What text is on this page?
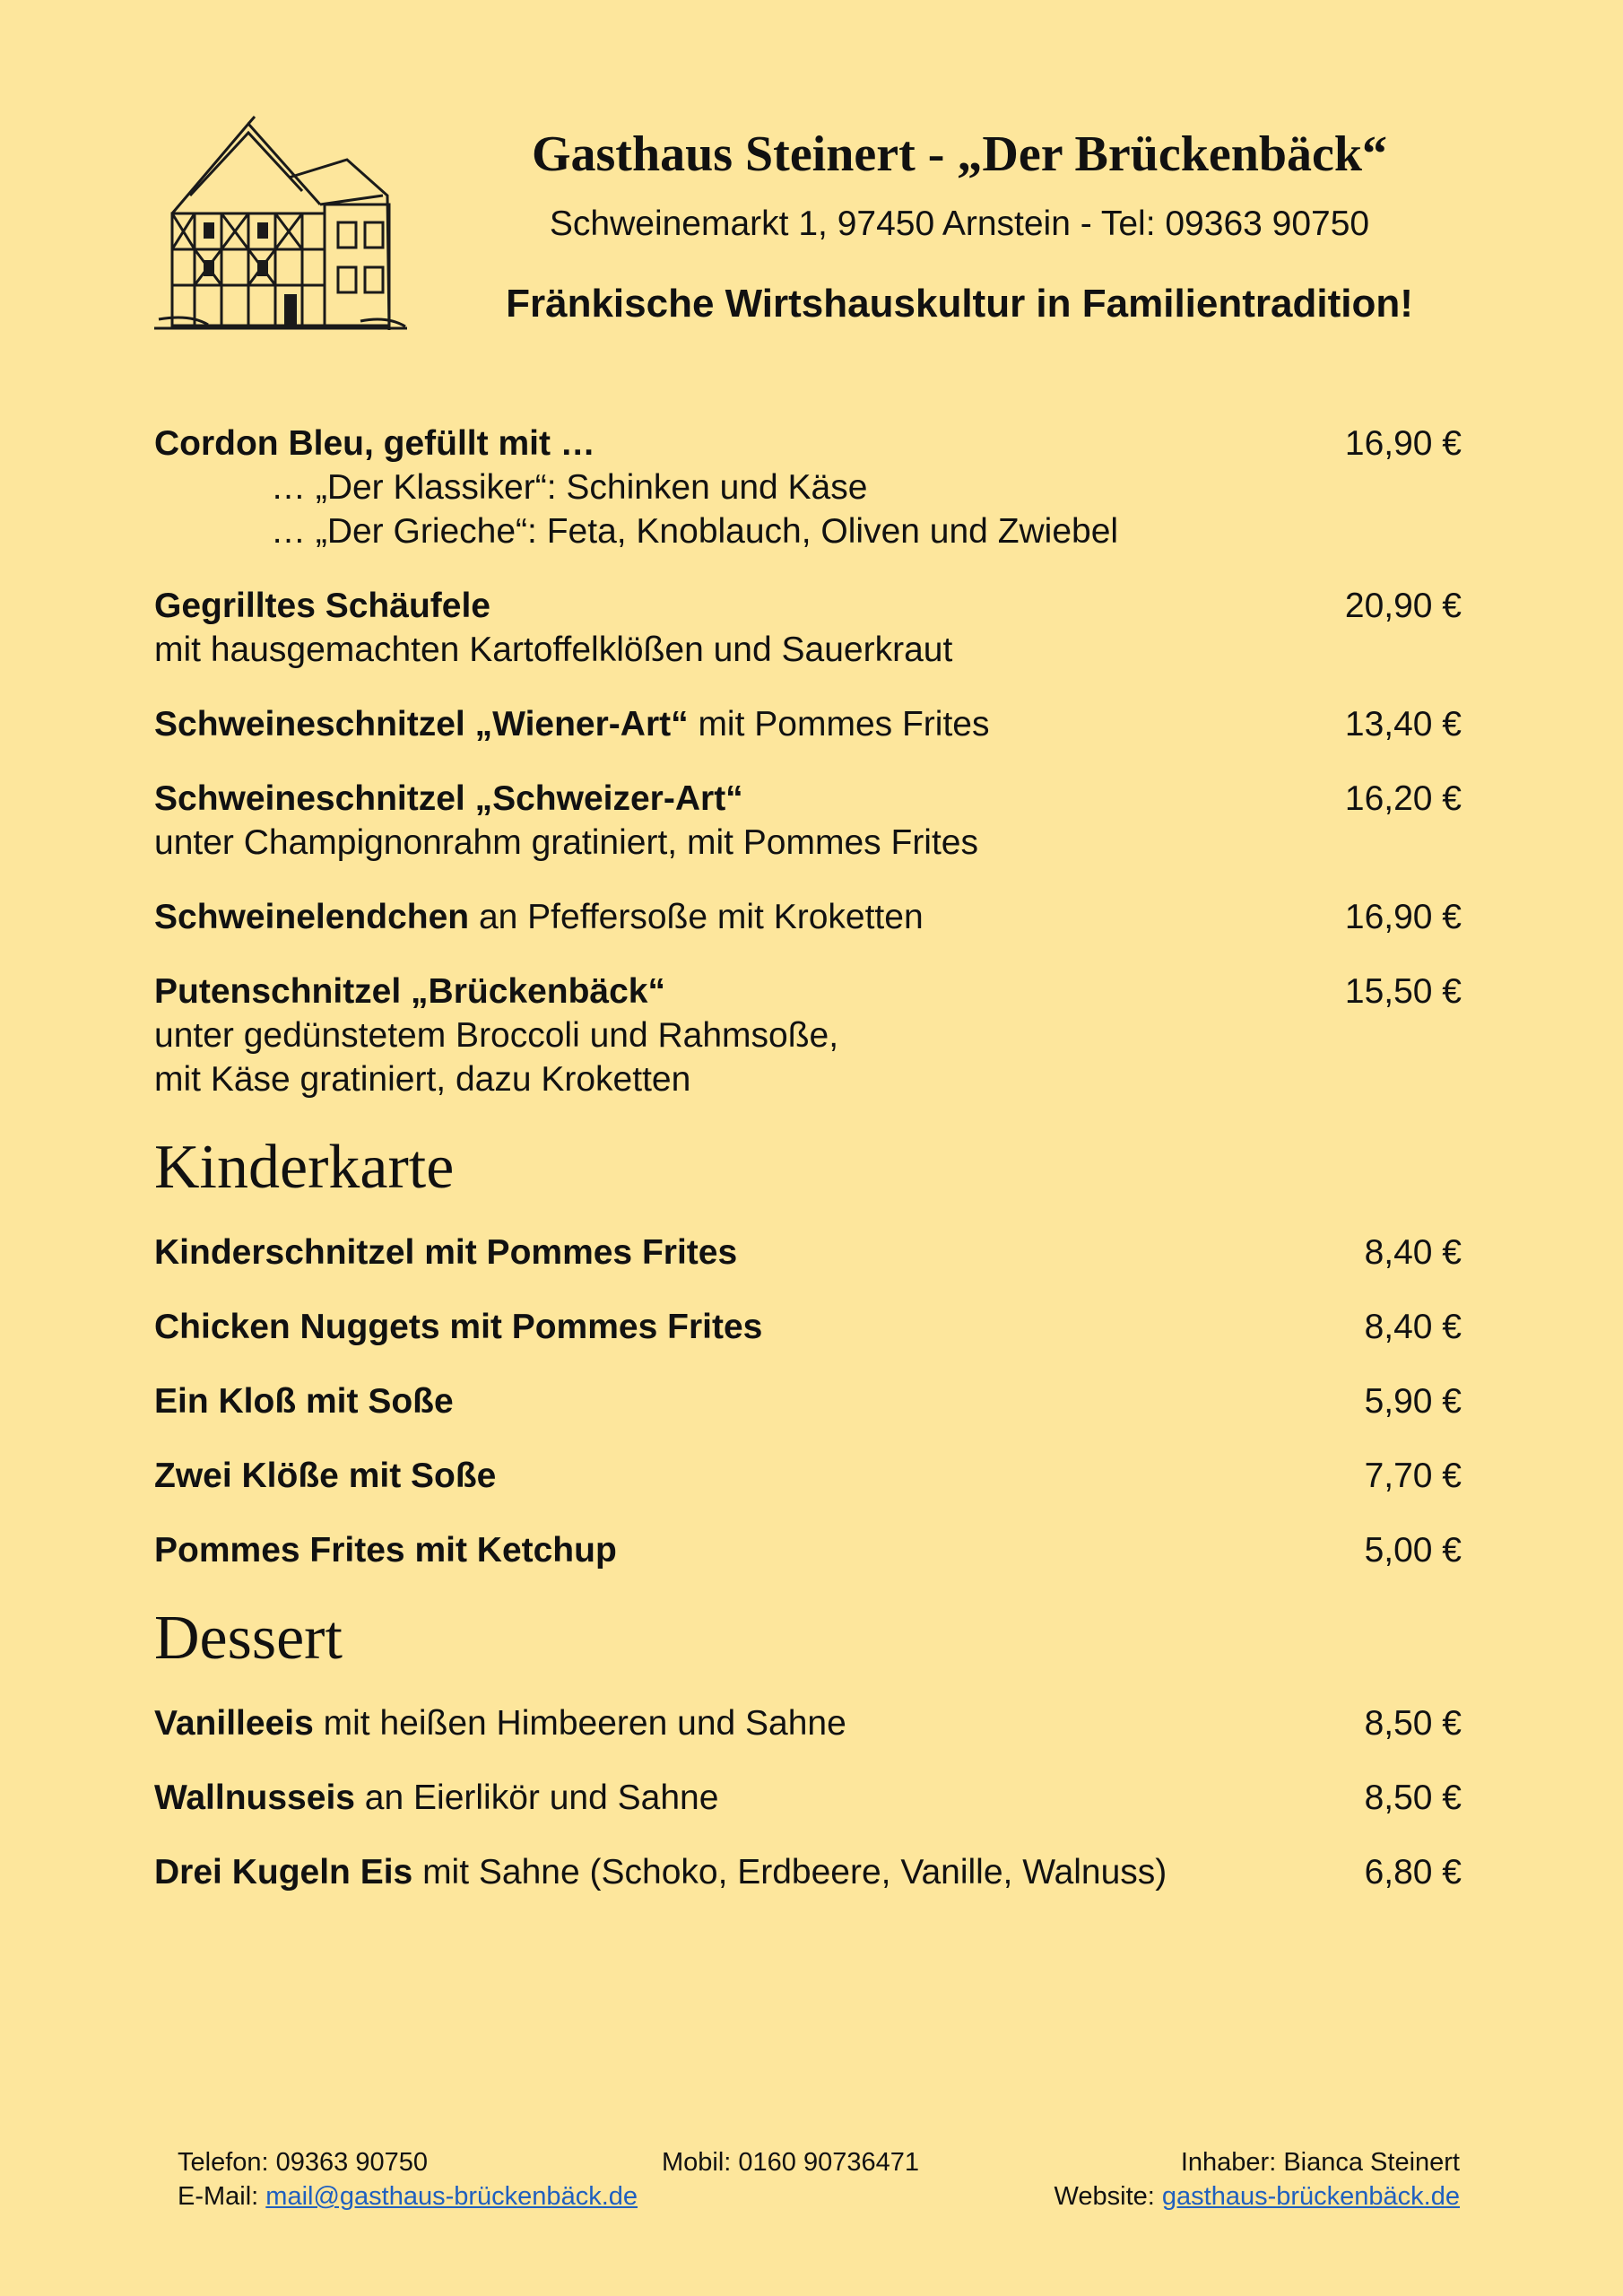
Gasthaus Steinert - „Der Brückenbäck“
Schweinemarkt 1, 97450 Arnstein - Tel: 09363 90750
Fränkische Wirtshauskultur in Familientradition!
Cordon Bleu, gefüllt mit …	16,90 €
… „Der Klassiker“: Schinken und Käse
… „Der Grieche“: Feta, Knoblauch, Oliven und Zwiebel
Gegrilltes Schäufele	20,90 €
mit hausgemachten Kartoffelklößen und Sauerkraut
Schweineschnitzel „Wiener-Art“ mit Pommes Frites	13,40 €
Schweineschnitzel „Schweizer-Art“	16,20 €
unter Champignonrahm gratiniert, mit Pommes Frites
Schweinelendchen an Pfeffersoße mit Kroketten	16,90 €
Putenschnitzel „Brückenbäck“	15,50 €
unter gedünstetem Broccoli und Rahmsoße,
mit Käse gratiniert, dazu Kroketten
Kinderkarte
Kinderschnitzel mit Pommes Frites	8,40 €
Chicken Nuggets mit Pommes Frites	8,40 €
Ein Kloß mit Soße	5,90 €
Zwei Klöße mit Soße	7,70 €
Pommes Frites mit Ketchup	5,00 €
Dessert
Vanilleeis mit heißen Himbeeren und Sahne	8,50 €
Wallnusseis an Eierlikör und Sahne	8,50 €
Drei Kugeln Eis mit Sahne (Schoko, Erdbeere, Vanille, Walnuss)	6,80 €
Telefon: 09363 90750	Mobil: 0160 90736471	Inhaber: Bianca Steinert
E-Mail: mail@gasthaus-brückenbäck.de	Website: gasthaus-brückenbäck.de
